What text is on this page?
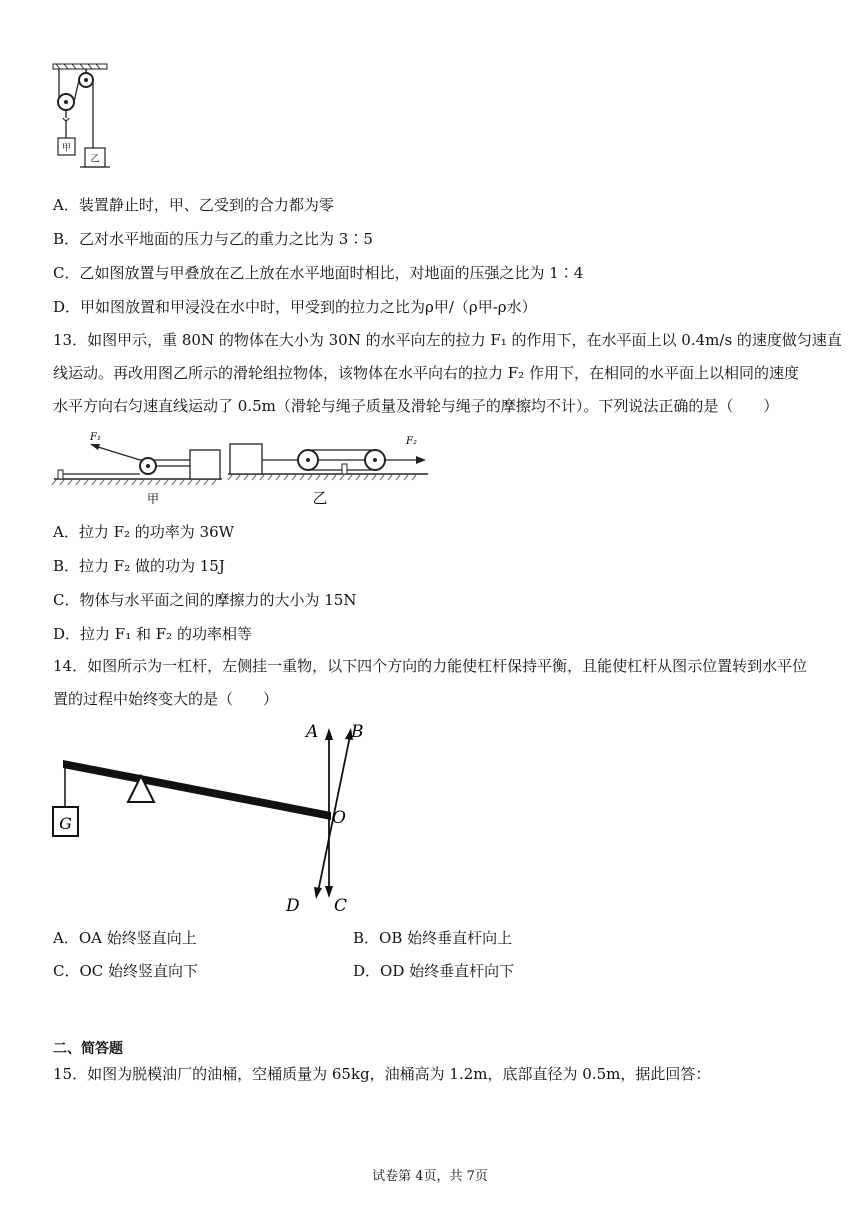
甲
乙
A．装置静止时，甲、乙受到的合力都为零
B．乙对水平地面的压力与乙的重力之比为 3∶5
C．乙如图放置与甲叠放在乙上放在水平地面时相比，对地面的压强之比为 1∶4
D．甲如图放置和甲浸没在水中时，甲受到的拉力之比为ρ甲/（ρ甲-ρ水）
13．如图甲示，重 80N 的物体在大小为 30N 的水平向左的拉力 F₁ 的作用下，在水平面上以 0.4m/s 的速度做匀速直
线运动。再改用图乙所示的滑轮组拉物体，该物体在水平向右的拉力 F₂ 作用下，在相同的水平面上以相同的速度
水平方向右匀速直线运动了 0.5m（滑轮与绳子质量及滑轮与绳子的摩擦均不计）。下列说法正确的是（　　）
F₁	F₂
甲	乙
A．拉力 F₂ 的功率为 36W
B．拉力 F₂ 做的功为 15J
C．物体与水平面之间的摩擦力的大小为 15N
D．拉力 F₁ 和 F₂ 的功率相等
14．如图所示为一杠杆，左侧挂一重物，以下四个方向的力能使杠杆保持平衡，且能使杠杆从图示位置转到水平位
置的过程中始终变大的是（　　）
G
A B
O
D C
A．OA 始终竖直向上	B．OB 始终垂直杆向上
C．OC 始终竖直向下	D．OD 始终垂直杆向下
二、简答题
15．如图为脱模油厂的油桶，空桶质量为 65kg，油桶高为 1.2m，底部直径为 0.5m，据此回答：
试卷第 4页，共 7页
